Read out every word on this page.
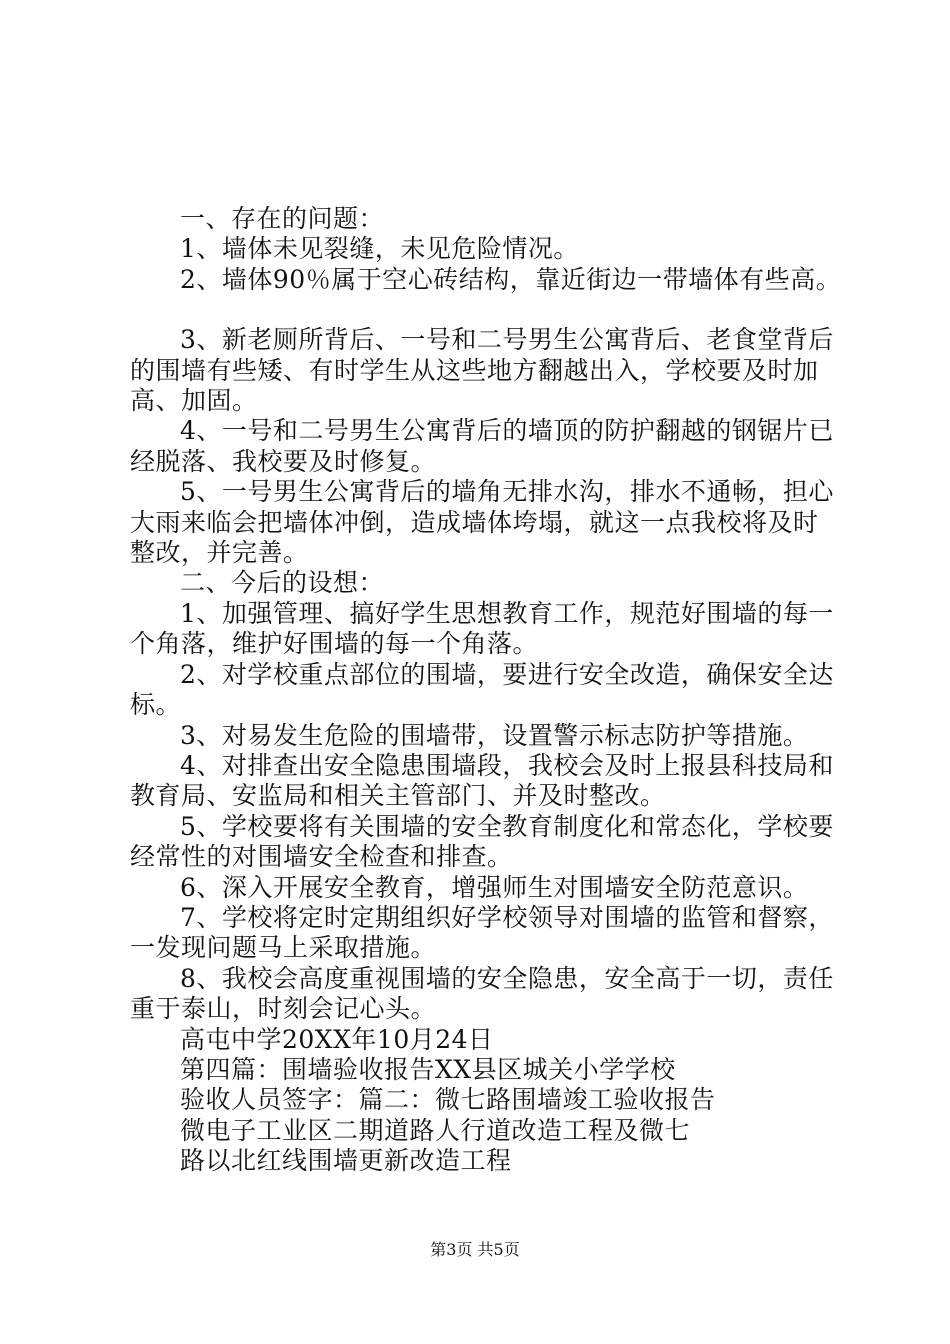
一、存在的问题：
1、墙体未见裂缝，未见危险情况。
2、墙体90％属于空心砖结构，靠近街边一带墙体有些高。
3、新老厕所背后、一号和二号男生公寓背后、老食堂背后
的围墙有些矮、有时学生从这些地方翻越出入，学校要及时加
高、加固。
4、一号和二号男生公寓背后的墙顶的防护翻越的钢锯片已
经脱落、我校要及时修复。
5、一号男生公寓背后的墙角无排水沟，排水不通畅，担心
大雨来临会把墙体冲倒，造成墙体垮塌，就这一点我校将及时
整改，并完善。
二、今后的设想：
1、加强管理、搞好学生思想教育工作，规范好围墙的每一
个角落，维护好围墙的每一个角落。
2、对学校重点部位的围墙，要进行安全改造，确保安全达
标。
3、对易发生危险的围墙带，设置警示标志防护等措施。
4、对排查出安全隐患围墙段，我校会及时上报县科技局和
教育局、安监局和相关主管部门、并及时整改。
5、学校要将有关围墙的安全教育制度化和常态化，学校要
经常性的对围墙安全检查和排查。
6、深入开展安全教育，增强师生对围墙安全防范意识。
7、学校将定时定期组织好学校领导对围墙的监管和督察，
一发现问题马上采取措施。
8、我校会高度重视围墙的安全隐患，安全高于一切，责任
重于泰山，时刻会记心头。
高屯中学20XX年10月24日
第四篇：围墙验收报告XX县区城关小学学校
验收人员签字：篇二：微七路围墙竣工验收报告
微电子工业区二期道路人行道改造工程及微七
路以北红线围墙更新改造工程
第3页 共5页
